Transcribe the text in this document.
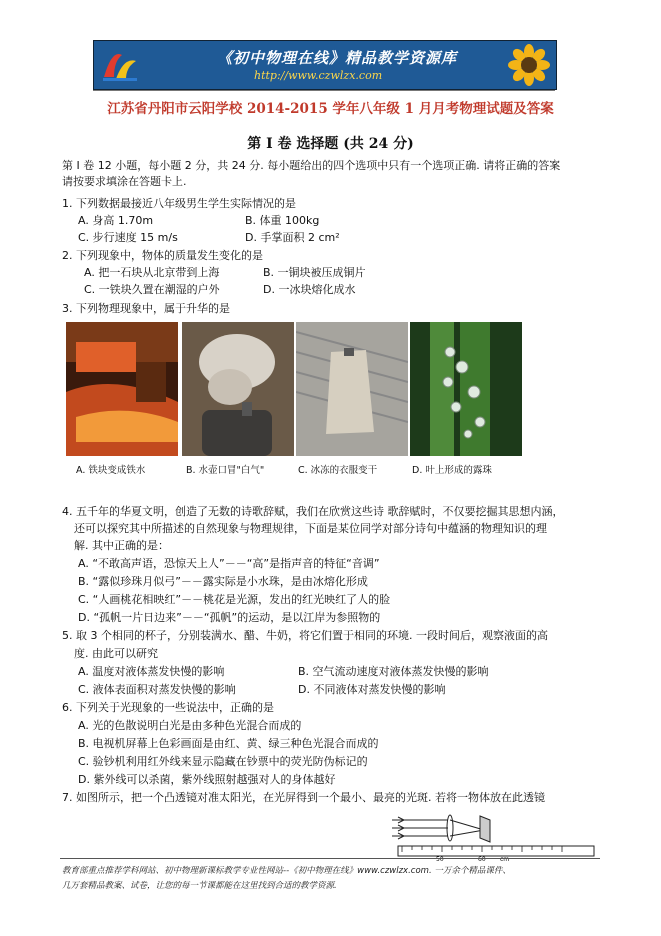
《初中物理在线》精品教学资源库
http://www.czwlzx.com
江苏省丹阳市云阳学校 2014-2015 学年八年级 1 月月考物理试题及答案
第 I 卷 选择题 (共 24 分)
第 I 卷 12 小题，每小题 2 分，共 24 分. 每小题给出的四个选项中只有一个选项正确. 请将正确的答案
请按要求填涂在答题卡上.
1. 下列数据最接近八年级男生学生实际情况的是
A. 身高 1.70m	B. 体重 100kg
C. 步行速度 15 m/s	D. 手掌面积 2 cm²
2. 下列现象中，物体的质量发生变化的是
A. 把一石块从北京带到上海	B. 一铜块被压成铜片
C. 一铁块久置在潮湿的户外	D. 一冰块熔化成水
3. 下列物理现象中，属于升华的是
A. 铁块变成铁水	B. 水壶口冒"白气"	C. 冰冻的衣服变干	D. 叶上形成的露珠
4. 五千年的华夏文明，创造了无数的诗歌辞赋，我们在欣赏这些诗 歌辞赋时，不仅要挖掘其思想内涵，
还可以探究其中所描述的自然现象与物理规律，下面是某位同学对部分诗句中蕴涵的物理知识的理
解. 其中正确的是：
A. “不敢高声语，恐惊天上人”－－“高”是指声音的特征“音调”
B. “露似珍珠月似弓”－－露实际是小水珠，是由冰熔化形成
C. “人画桃花相映红”－－桃花是光源，发出的红光映红了人的脸
D. “孤帆一片日边来”－－“孤帆”的运动，是以江岸为参照物的
5. 取 3 个相同的杯子，分别装满水、醋、牛奶，将它们置于相同的环境. 一段时间后，观察液面的高
度. 由此可以研究
A. 温度对液体蒸发快慢的影响	B. 空气流动速度对液体蒸发快慢的影响
C. 液体表面积对蒸发快慢的影响	D. 不同液体对蒸发快慢的影响
6. 下列关于光现象的一些说法中，正确的是
A. 光的色散说明白光是由多种色光混合而成的
B. 电视机屏幕上色彩画面是由红、黄、绿三种色光混合而成的
C. 验钞机利用红外线来显示隐藏在钞票中的荧光防伪标记的
D. 紫外线可以杀菌，紫外线照射越强对人的身体越好
7. 如图所示，把一个凸透镜对准太阳光，在光屏得到一个最小、最亮的光斑. 若将一物体放在此透镜
50	60 cm
教育部重点推荐学科网站、初中物理新课标教学专业性网站--《初中物理在线》www.czwlzx.com. 一万余个精品课件、
几万套精品教案、试卷，让您的每一节课都能在这里找到合适的教学资源.
